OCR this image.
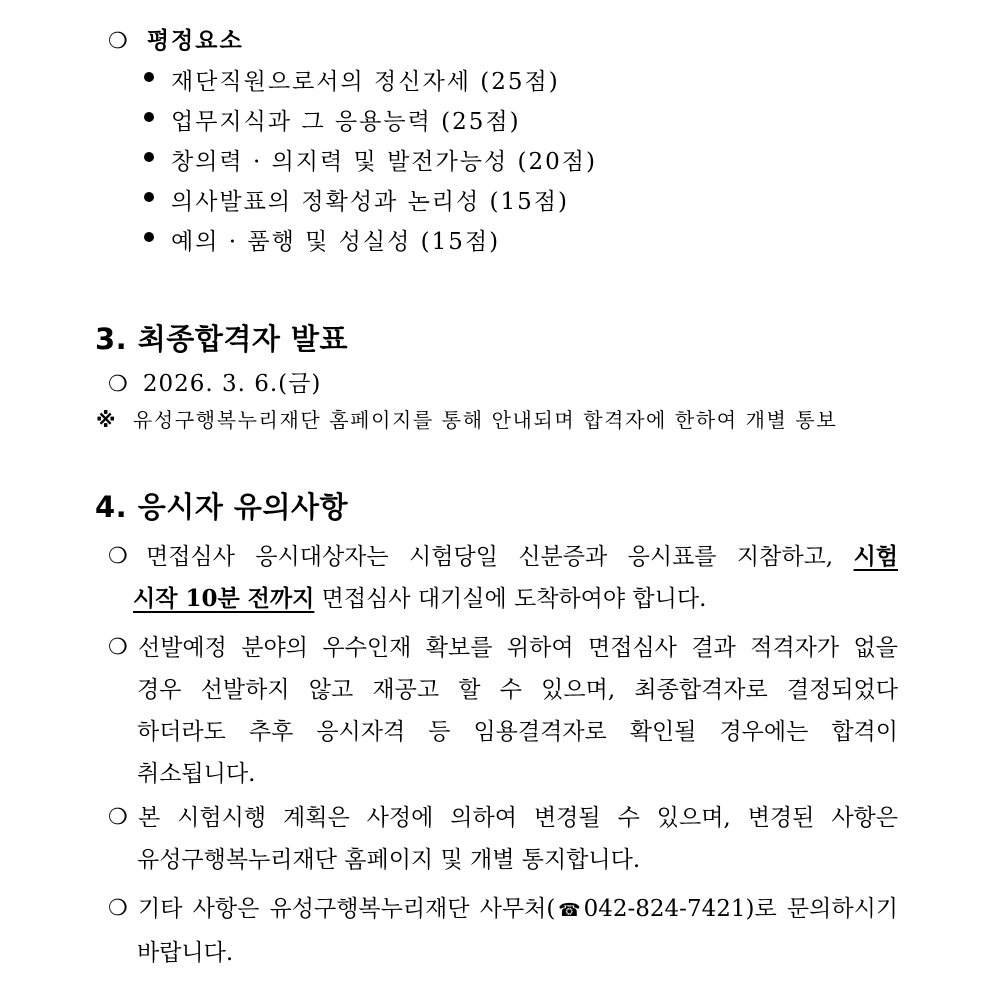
❍ 평정요소
재단직원으로서의 정신자세 (25점)
업무지식과 그 응용능력 (25점)
창의력 · 의지력 및 발전가능성 (20점)
의사발표의 정확성과 논리성 (15점)
예의 · 품행 및 성실성 (15점)
3. 최종합격자 발표
❍ 2026. 3. 6.(금)
※ 유성구행복누리재단 홈페이지를 통해 안내되며 합격자에 한하여 개별 통보
4. 응시자 유의사항
❍ 면접심사 응시대상자는 시험당일 신분증과 응시표를 지참하고, 시험
시작 10분 전까지 면접심사 대기실에 도착하여야 합니다.
❍ 선발예정 분야의 우수인재 확보를 위하여 면접심사 결과 적격자가 없을
경우 선발하지 않고 재공고 할 수 있으며, 최종합격자로 결정되었다
하더라도 추후 응시자격 등 임용결격자로 확인될 경우에는 합격이
취소됩니다.
❍ 본 시험시행 계획은 사정에 의하여 변경될 수 있으며, 변경된 사항은
유성구행복누리재단 홈페이지 및 개별 통지합니다.
❍ 기타 사항은 유성구행복누리재단 사무처(☎042-824-7421)로 문의하시기
바랍니다.
